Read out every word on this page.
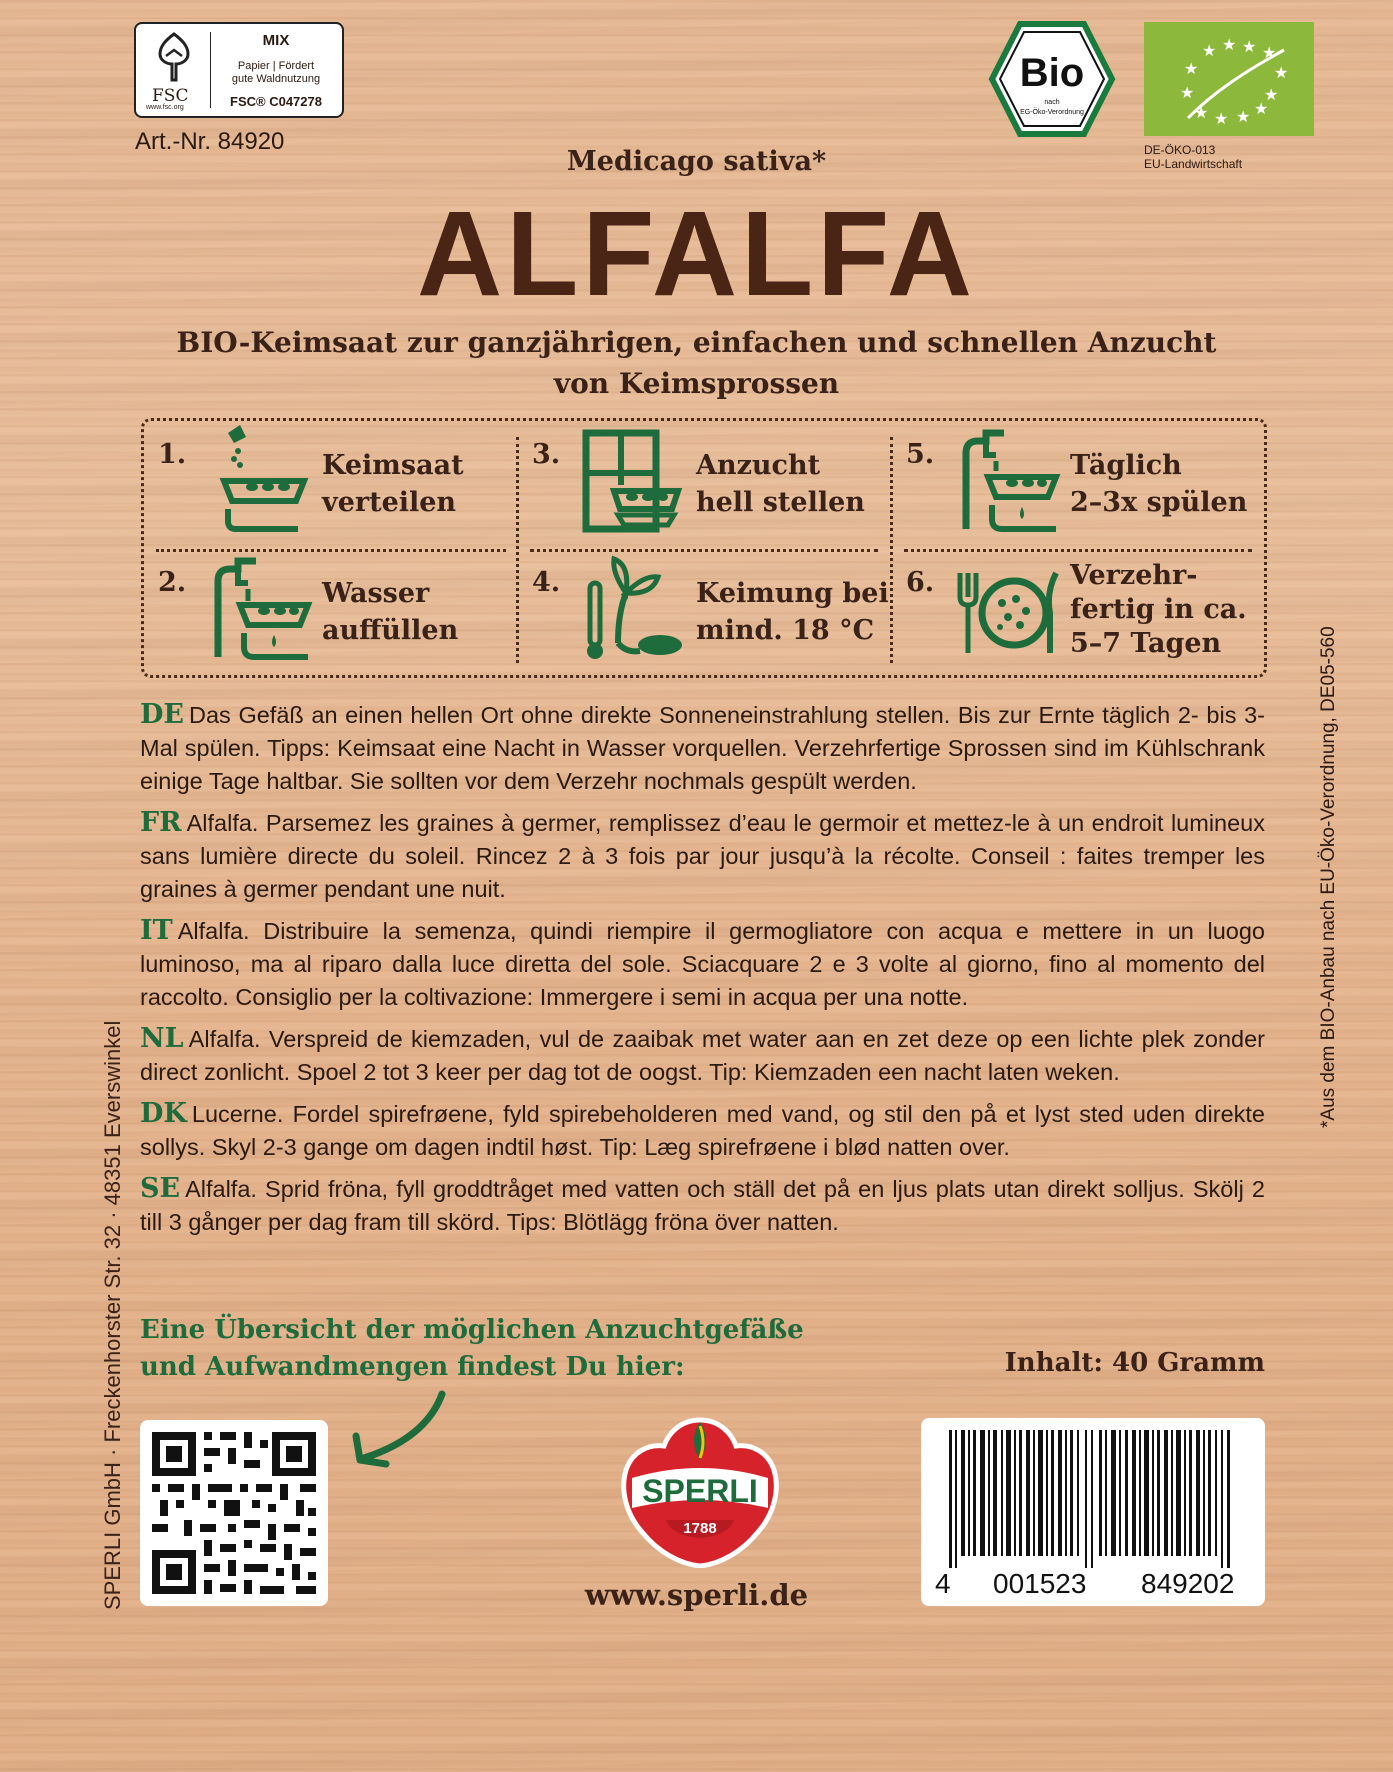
FSC
www.fsc.org
MIX
Papier | Fördert
gute Waldnutzung
FSC® C047278
Art.-Nr. 84920
Bio
nach
EG-Öko-Verordnung
★ ★ ★ ★
★	★
★	★
★ ★ ★ ★
DE-ÖKO-013
EU-Landwirtschaft
Medicago sativa*
ALFALFA
BIO-Keimsaat zur ganzjährigen, einfachen und schnellen Anzucht von Keimsprossen
1.	Keimsaat
verteilen
2.	Wasser
auffüllen
3.	Anzucht
hell stellen
4.	Keimung bei
mind. 18 °C
5.	Täglich
2–3x spülen
6.	Verzehr-
fertig in ca.
5–7 Tagen

DE Das Gefäß an einen hellen Ort ohne direkte Sonneneinstrahlung stellen. Bis zur Ernte täglich 2- bis 3-Mal spülen. Tipps: Keimsaat eine Nacht in Wasser vorquellen. Verzehrfertige Sprossen sind im Kühlschrank einige Tage haltbar. Sie sollten vor dem Verzehr nochmals gespült werden.

FR Alfalfa. Parsemez les graines à germer, remplissez d’eau le germoir et mettez-le à un endroit lumineux sans lumière directe du soleil. Rincez 2 à 3 fois par jour jusqu’à la récolte. Conseil : faites tremper les graines à germer pendant une nuit.

IT Alfalfa. Distribuire la semenza, quindi riempire il germogliatore con acqua e mettere in un luogo luminoso, ma al riparo dalla luce diretta del sole. Sciacquare 2 e 3 volte al giorno, fino al momento del raccolto. Consiglio per la coltivazione: Immergere i semi in acqua per una notte.

NL Alfalfa. Verspreid de kiemzaden, vul de zaaibak met water aan en zet deze op een lichte plek zonder direct zonlicht. Spoel 2 tot 3 keer per dag tot de oogst. Tip: Kiemzaden een nacht laten weken.

DK Lucerne. Fordel spirefrøene, fyld spirebeholderen med vand, og stil den på et lyst sted uden direkte sollys. Skyl 2-3 gange om dagen indtil høst. Tip: Læg spirefrøene i blød natten over.

SE Alfalfa. Sprid fröna, fyll groddtråget med vatten och ställ det på en ljus plats utan direkt solljus. Skölj 2 till 3 gånger per dag fram till skörd. Tips: Blötlägg fröna över natten.

*Aus dem BIO-Anbau nach EU-Öko-Verordnung, DE05-560
SPERLI GmbH · Freckenhorster Str. 32 · 48351 Everswinkel Eine Übersicht der möglichen Anzuchtgefäße
und Aufwandmengen findest Du hier:	Inhalt: 40 Gramm
SPERLI
1788
www.sperli.de	4 001523 849202
